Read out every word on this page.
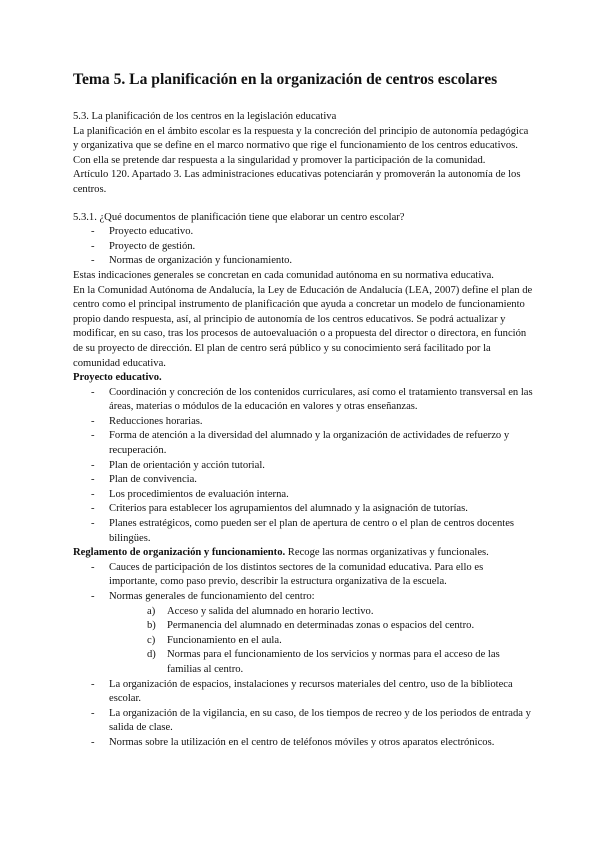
Tema 5. La planificación en la organización de centros escolares

5.3. La planificación de los centros en la legislación educativa

La planificación en el ámbito escolar es la respuesta y la concreción del principio de autonomía pedagógica y organizativa que se define en el marco normativo que rige el funcionamiento de los centros educativos. Con ella se pretende dar respuesta a la singularidad y promover la participación de la comunidad.

Artículo 120. Apartado 3. Las administraciones educativas potenciarán y promoverán la autonomía de los centros.

5.3.1. ¿Qué documentos de planificación tiene que elaborar un centro escolar?

- Proyecto educativo.
- Proyecto de gestión.
- Normas de organización y funcionamiento.

Estas indicaciones generales se concretan en cada comunidad autónoma en su normativa educativa.

En la Comunidad Autónoma de Andalucía, la Ley de Educación de Andalucía (LEA, 2007) define el plan de centro como el principal instrumento de planificación que ayuda a concretar un modelo de funcionamiento propio dando respuesta, así, al principio de autonomía de los centros educativos. Se podrá actualizar y modificar, en su caso, tras los procesos de autoevaluación o a propuesta del director o directora, en función de su proyecto de dirección. El plan de centro será público y su conocimiento será facilitado por la comunidad educativa.

Proyecto educativo.

- Coordinación y concreción de los contenidos curriculares, así como el tratamiento transversal en las áreas, materias o módulos de la educación en valores y otras enseñanzas.
- Reducciones horarias.
- Forma de atención a la diversidad del alumnado y la organización de actividades de refuerzo y recuperación.
- Plan de orientación y acción tutorial.
- Plan de convivencia.
- Los procedimientos de evaluación interna.
- Criterios para establecer los agrupamientos del alumnado y la asignación de tutorías.
- Planes estratégicos, como pueden ser el plan de apertura de centro o el plan de centros docentes bilingües.

Reglamento de organización y funcionamiento. Recoge las normas organizativas y funcionales.

- Cauces de participación de los distintos sectores de la comunidad educativa. Para ello es importante, como paso previo, describir la estructura organizativa de la escuela.
- Normas generales de funcionamiento del centro:
a) Acceso y salida del alumnado en horario lectivo.
b) Permanencia del alumnado en determinadas zonas o espacios del centro.
c) Funcionamiento en el aula.
d) Normas para el funcionamiento de los servicios y normas para el acceso de las familias al centro.
- La organización de espacios, instalaciones y recursos materiales del centro, uso de la biblioteca escolar.
- La organización de la vigilancia, en su caso, de los tiempos de recreo y de los periodos de entrada y salida de clase.
- Normas sobre la utilización en el centro de teléfonos móviles y otros aparatos electrónicos.
